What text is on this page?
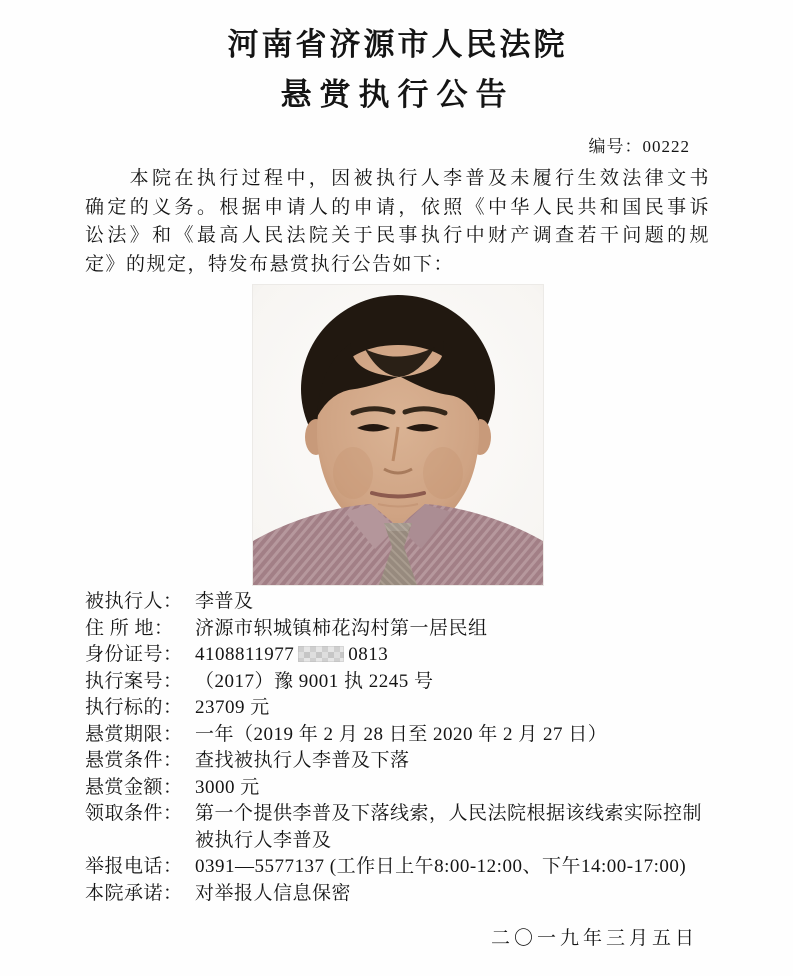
河南省济源市人民法院
悬赏执行公告
编号：00222
本院在执行过程中，因被执行人李普及未履行生效法律文书
确定的义务。根据申请人的申请，依照《中华人民共和国民事诉
讼法》和《最高人民法院关于民事执行中财产调查若干问题的规
定》的规定，特发布悬赏执行公告如下：
被执行人： 李普及
住 所 地：	济源市轵城镇柿花沟村第一居民组
身份证号： 4108811977	0813
执行案号： （2017）豫 9001 执 2245 号
执行标的： 23709 元
悬赏期限： 一年（2019 年 2 月 28 日至 2020 年 2 月 27 日）
悬赏条件： 查找被执行人李普及下落
悬赏金额： 3000 元
领取条件： 第一个提供李普及下落线索，人民法院根据该线索实际控制被执行人李普及
举报电话： 0391—5577137 (工作日上午8:00-12:00、下午14:00-17:00)
本院承诺： 对举报人信息保密
二〇一九年三月五日
